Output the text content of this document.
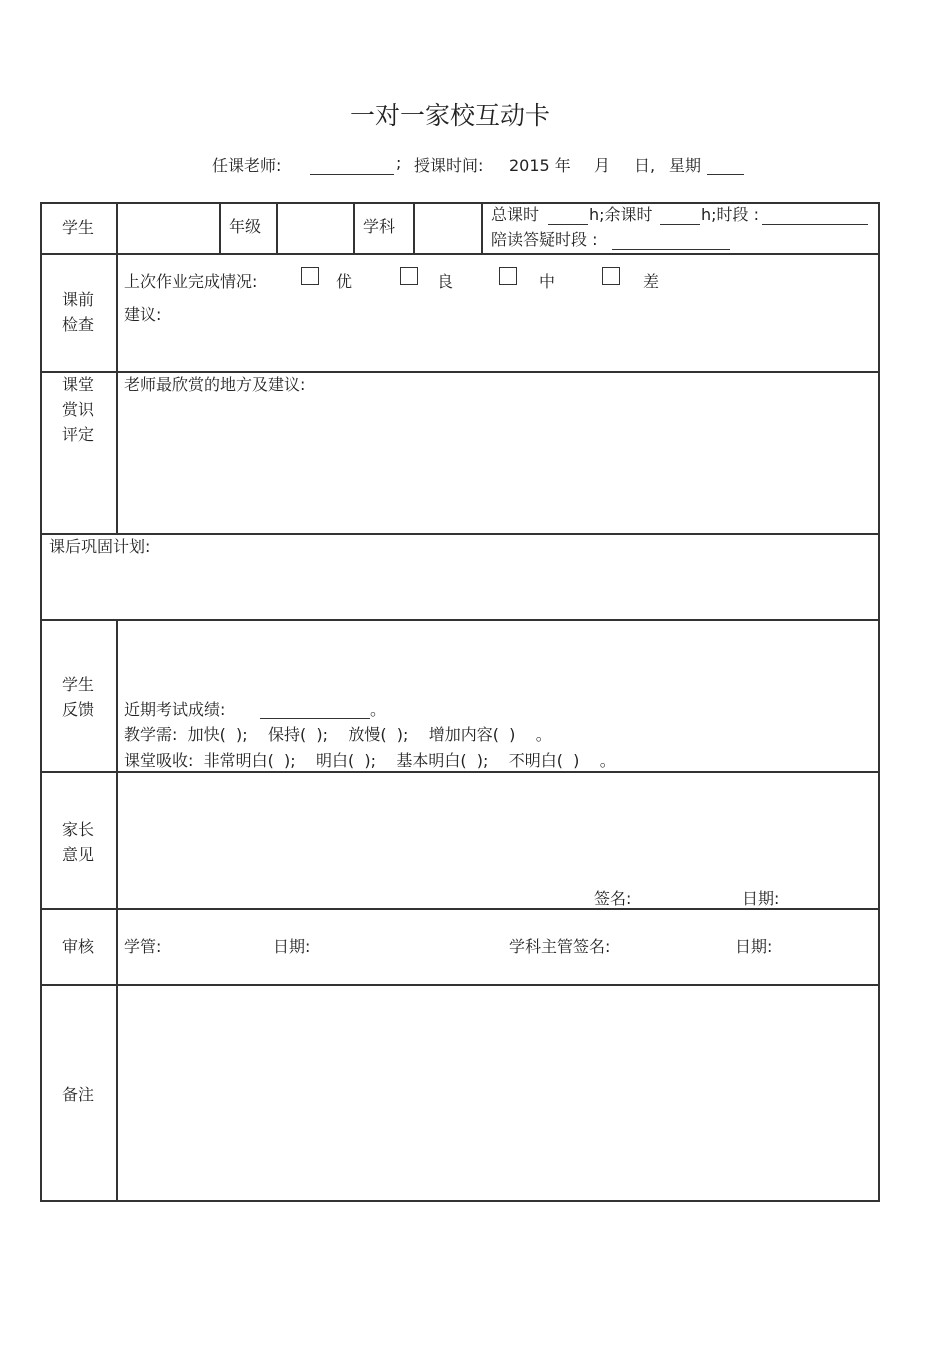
一对一家校互动卡
任课老师:	; 授课时间: 2015 年 月 日, 星期
学生	年级	学科
总课时	h;余课时	h;时段 :
陪读答疑时段 :
课前
检查
上次作业完成情况:	优	良	中	差
建议:
课堂
赏识
评定
老师最欣赏的地方及建议:
课后巩固计划:
学生
反馈	近期考试成绩:	。
教学需:  加快(  );    保持(  );    放慢(  );    增加内容(  )    。
课堂吸收:  非常明白(  );    明白(  );    基本明白(  );    不明白(  )    。
家长
意见
签名:	日期:
审核	学管:	日期:	学科主管签名:	日期:
备注
